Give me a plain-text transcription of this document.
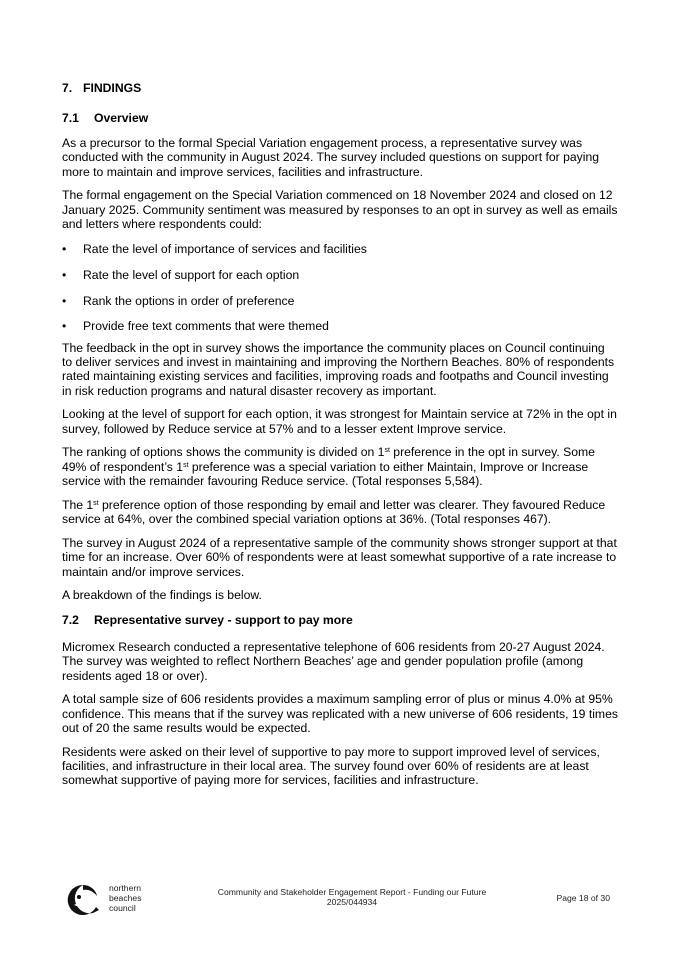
7. FINDINGS
7.1 Overview

As a precursor to the formal Special Variation engagement process, a representative survey was conducted with the community in August 2024. The survey included questions on support for paying more to maintain and improve services, facilities and infrastructure.

The formal engagement on the Special Variation commenced on 18 November 2024 and closed on 12 January 2025. Community sentiment was measured by responses to an opt in survey as well as emails and letters where respondents could:

• Rate the level of importance of services and facilities
• Rate the level of support for each option
• Rank the options in order of preference
• Provide free text comments that were themed

The feedback in the opt in survey shows the importance the community places on Council continuing to deliver services and invest in maintaining and improving the Northern Beaches. 80% of respondents rated maintaining existing services and facilities, improving roads and footpaths and Council investing in risk reduction programs and natural disaster recovery as important.

Looking at the level of support for each option, it was strongest for Maintain service at 72% in the opt in survey, followed by Reduce service at 57% and to a lesser extent Improve service.

The ranking of options shows the community is divided on 1st preference in the opt in survey. Some 49% of respondent’s 1st preference was a special variation to either Maintain, Improve or Increase service with the remainder favouring Reduce service. (Total responses 5,584).

The 1st preference option of those responding by email and letter was clearer. They favoured Reduce service at 64%, over the combined special variation options at 36%. (Total responses 467).

The survey in August 2024 of a representative sample of the community shows stronger support at that time for an increase. Over 60% of respondents were at least somewhat supportive of a rate increase to maintain and/or improve services.

A breakdown of the findings is below.

7.2 Representative survey - support to pay more

Micromex Research conducted a representative telephone of 606 residents from 20-27 August 2024. The survey was weighted to reflect Northern Beaches’ age and gender population profile (among residents aged 18 or over).

A total sample size of 606 residents provides a maximum sampling error of plus or minus 4.0% at 95% confidence. This means that if the survey was replicated with a new universe of 606 residents, 19 times out of 20 the same results would be expected.

Residents were asked on their level of supportive to pay more to support improved level of services, facilities, and infrastructure in their local area. The survey found over 60% of residents are at least somewhat supportive of paying more for services, facilities and infrastructure.

northern
beaches
council
Community and Stakeholder Engagement Report - Funding our Future
2025/044934	Page 18 of 30
